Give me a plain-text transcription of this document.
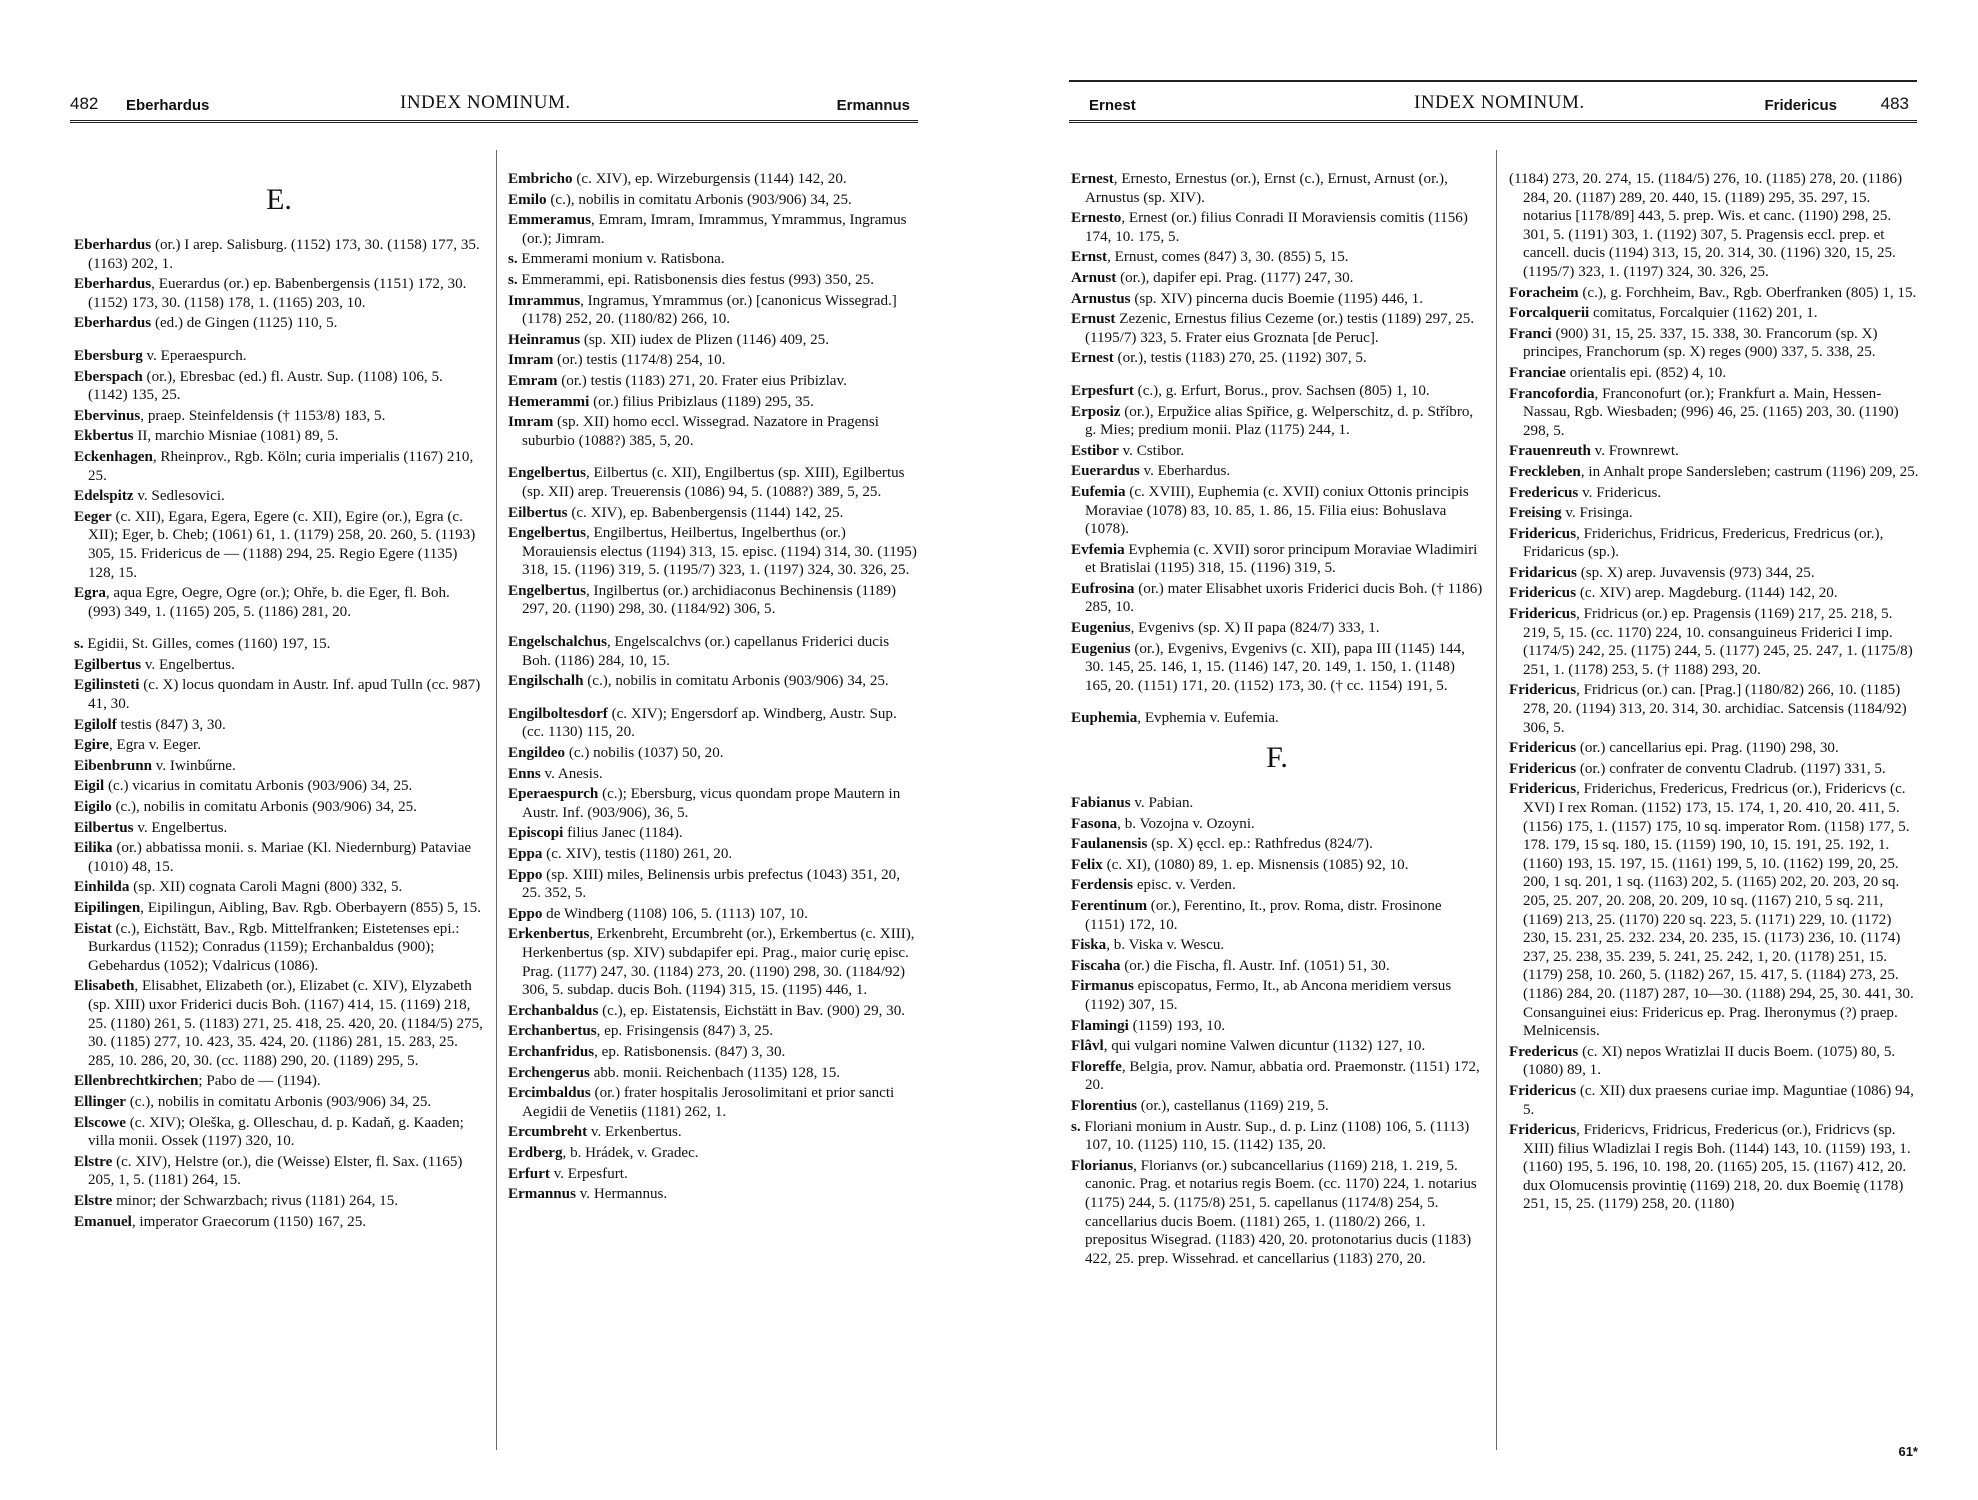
482 Eberhardus	INDEX NOMINUM.	Ermannus
E.

Eberhardus (or.) I arep. Salisburg. (1152) 173, 30. (1158) 177, 35. (1163) 202, 1.

Eberhardus, Euerardus (or.) ep. Babenbergensis (1151) 172, 30. (1152) 173, 30. (1158) 178, 1. (1165) 203, 10.

Eberhardus (ed.) de Gingen (1125) 110, 5.

Ebersburg v. Eperaespurch.

Eberspach (or.), Ebresbac (ed.) fl. Austr. Sup. (1108) 106, 5. (1142) 135, 25.

Ebervinus, praep. Steinfeldensis († 1153/8) 183, 5.

Ekbertus II, marchio Misniae (1081) 89, 5.

Eckenhagen, Rheinprov., Rgb. Köln; curia imperialis (1167) 210, 25.

Edelspitz v. Sedlesovici.

Eeger (c. XII), Egara, Egera, Egere (c. XII), Egire (or.), Egra (c. XII); Eger, b. Cheb; (1061) 61, 1. (1179) 258, 20. 260, 5. (1193) 305, 15. Fridericus de — (1188) 294, 25. Regio Egere (1135) 128, 15.

Egra, aqua Egre, Oegre, Ogre (or.); Ohře, b. die Eger, fl. Boh. (993) 349, 1. (1165) 205, 5. (1186) 281, 20.

s. Egidii, St. Gilles, comes (1160) 197, 15.

Egilbertus v. Engelbertus.

Egilinsteti (c. X) locus quondam in Austr. Inf. apud Tulln (cc. 987) 41, 30.

Egilolf testis (847) 3, 30.

Egire, Egra v. Eeger.

Eibenbrunn v. Iwinbűrne.

Eigil (c.) vicarius in comitatu Arbonis (903/906) 34, 25.

Eigilo (c.), nobilis in comitatu Arbonis (903/906) 34, 25.

Eilbertus v. Engelbertus.

Eilika (or.) abbatissa monii. s. Mariae (Kl. Niedernburg) Pataviae (1010) 48, 15.

Einhilda (sp. XII) cognata Caroli Magni (800) 332, 5.

Eipilingen, Eipilingun, Aibling, Bav. Rgb. Oberbayern (855) 5, 15.

Eistat (c.), Eichstätt, Bav., Rgb. Mittelfranken; Eistetenses epi.: Burkardus (1152); Conradus (1159); Erchanbaldus (900); Gebehardus (1052); Vdalricus (1086).

Elisabeth, Elisabhet, Elizabeth (or.), Elizabet (c. XIV), Elyzabeth (sp. XIII) uxor Friderici ducis Boh. (1167) 414, 15. (1169) 218, 25. (1180) 261, 5. (1183) 271, 25. 418, 25. 420, 20. (1184/5) 275, 30. (1185) 277, 10. 423, 35. 424, 20. (1186) 281, 15. 283, 25. 285, 10. 286, 20, 30. (cc. 1188) 290, 20. (1189) 295, 5.

Ellenbrechtkirchen; Pabo de — (1194).

Ellinger (c.), nobilis in comitatu Arbonis (903/906) 34, 25.

Elscowe (c. XIV); Oleška, g. Olleschau, d. p. Kadaň, g. Kaaden; villa monii. Ossek (1197) 320, 10.

Elstre (c. XIV), Helstre (or.), die (Weisse) Elster, fl. Sax. (1165) 205, 1, 5. (1181) 264, 15.

Elstre minor; der Schwarzbach; rivus (1181) 264, 15.

Emanuel, imperator Graecorum (1150) 167, 25.

Embricho (c. XIV), ep. Wirzeburgensis (1144) 142, 20.

Emilo (c.), nobilis in comitatu Arbonis (903/906) 34, 25.

Emmeramus, Emram, Imram, Imrammus, Ymrammus, Ingramus (or.); Jimram.

s. Emmerami monium v. Ratisbona.

s. Emmerammi, epi. Ratisbonensis dies festus (993) 350, 25.

Imrammus, Ingramus, Ymrammus (or.) [canonicus Wissegrad.] (1178) 252, 20. (1180/82) 266, 10.

Heinramus (sp. XII) iudex de Plizen (1146) 409, 25.

Imram (or.) testis (1174/8) 254, 10.

Emram (or.) testis (1183) 271, 20. Frater eius Pribizlav.

Hemerammi (or.) filius Pribizlaus (1189) 295, 35.

Imram (sp. XII) homo eccl. Wissegrad. Nazatore in Pragensi suburbio (1088?) 385, 5, 20.

Engelbertus, Eilbertus (c. XII), Engilbertus (sp. XIII), Egilbertus (sp. XII) arep. Treuerensis (1086) 94, 5. (1088?) 389, 5, 25.

Eilbertus (c. XIV), ep. Babenbergensis (1144) 142, 25.

Engelbertus, Engilbertus, Heilbertus, Ingelberthus (or.) Morauiensis electus (1194) 313, 15. episc. (1194) 314, 30. (1195) 318, 15. (1196) 319, 5. (1195/7) 323, 1. (1197) 324, 30. 326, 25.

Engelbertus, Ingilbertus (or.) archidiaconus Bechinensis (1189) 297, 20. (1190) 298, 30. (1184/92) 306, 5.

Engelschalchus, Engelscalchvs (or.) capellanus Friderici ducis Boh. (1186) 284, 10, 15.

Engilschalh (c.), nobilis in comitatu Arbonis (903/906) 34, 25.

Engilboltesdorf (c. XIV); Engersdorf ap. Windberg, Austr. Sup. (cc. 1130) 115, 20.

Engildeo (c.) nobilis (1037) 50, 20.

Enns v. Anesis.

Eperaespurch (c.); Ebersburg, vicus quondam prope Mautern in Austr. Inf. (903/906), 36, 5.

Episcopi filius Janec (1184).

Eppa (c. XIV), testis (1180) 261, 20.

Eppo (sp. XIII) miles, Belinensis urbis prefectus (1043) 351, 20, 25. 352, 5.

Eppo de Windberg (1108) 106, 5. (1113) 107, 10.

Erkenbertus, Erkenbreht, Ercumbreht (or.), Erkembertus (c. XIII), Herkenbertus (sp. XIV) subdapifer epi. Prag., maior curię episc. Prag. (1177) 247, 30. (1184) 273, 20. (1190) 298, 30. (1184/92) 306, 5. subdap. ducis Boh. (1194) 315, 15. (1195) 446, 1.

Erchanbaldus (c.), ep. Eistatensis, Eichstätt in Bav. (900) 29, 30.

Erchanbertus, ep. Frisingensis (847) 3, 25.

Erchanfridus, ep. Ratisbonensis. (847) 3, 30.

Erchengerus abb. monii. Reichenbach (1135) 128, 15.

Ercimbaldus (or.) frater hospitalis Jerosolimitani et prior sancti Aegidii de Venetiis (1181) 262, 1.

Ercumbreht v. Erkenbertus.

Erdberg, b. Hrádek, v. Gradec.

Erfurt v. Erpesfurt.

Ermannus v. Hermannus.

Ernest	INDEX NOMINUM.	Fridericus	483

Ernest, Ernesto, Ernestus (or.), Ernst (c.), Ernust, Arnust (or.), Arnustus (sp. XIV).

Ernesto, Ernest (or.) filius Conradi II Moraviensis comitis (1156) 174, 10. 175, 5.

Ernst, Ernust, comes (847) 3, 30. (855) 5, 15.

Arnust (or.), dapifer epi. Prag. (1177) 247, 30.

Arnustus (sp. XIV) pincerna ducis Boemie (1195) 446, 1.

Ernust Zezenic, Ernestus filius Cezeme (or.) testis (1189) 297, 25. (1195/7) 323, 5. Frater eius Groznata [de Peruc].

Ernest (or.), testis (1183) 270, 25. (1192) 307, 5.

Erpesfurt (c.), g. Erfurt, Borus., prov. Sachsen (805) 1, 10.

Erposiz (or.), Erpužice alias Spiřice, g. Welperschitz, d. p. Stříbro, g. Mies; predium monii. Plaz (1175) 244, 1.

Estibor v. Cstibor.

Euerardus v. Eberhardus.

Eufemia (c. XVIII), Euphemia (c. XVII) coniux Ottonis principis Moraviae (1078) 83, 10. 85, 1. 86, 15. Filia eius: Bohuslava (1078).

Evfemia Evphemia (c. XVII) soror principum Moraviae Wladimiri et Bratislai (1195) 318, 15. (1196) 319, 5.

Eufrosina (or.) mater Elisabhet uxoris Friderici ducis Boh. († 1186) 285, 10.

Eugenius, Evgenivs (sp. X) II papa (824/7) 333, 1.

Eugenius (or.), Evgenivs, Evgenivs (c. XII), papa III (1145) 144, 30. 145, 25. 146, 1, 15. (1146) 147, 20. 149, 1. 150, 1. (1148) 165, 20. (1151) 171, 20. (1152) 173, 30. († cc. 1154) 191, 5.

Euphemia, Evphemia v. Eufemia.

F.

Fabianus v. Pabian.

Fasona, b. Vozojna v. Ozoyni.

Faulanensis (sp. X) ęccl. ep.: Rathfredus (824/7).

Felix (c. XI), (1080) 89, 1. ep. Misnensis (1085) 92, 10.

Ferdensis episc. v. Verden.

Ferentinum (or.), Ferentino, It., prov. Roma, distr. Frosinone (1151) 172, 10.

Fiska, b. Viska v. Wescu.

Fiscaha (or.) die Fischa, fl. Austr. Inf. (1051) 51, 30.

Firmanus episcopatus, Fermo, It., ab Ancona meridiem versus (1192) 307, 15.

Flamingi (1159) 193, 10.

Flâvl, qui vulgari nomine Valwen dicuntur (1132) 127, 10.

Floreffe, Belgia, prov. Namur, abbatia ord. Praemonstr. (1151) 172, 20.

Florentius (or.), castellanus (1169) 219, 5.

s. Floriani monium in Austr. Sup., d. p. Linz (1108) 106, 5. (1113) 107, 10. (1125) 110, 15. (1142) 135, 20.

Florianus, Florianvs (or.) subcancellarius (1169) 218, 1. 219, 5. canonic. Prag. et notarius regis Boem. (cc. 1170) 224, 1. notarius (1175) 244, 5. (1175/8) 251, 5. capellanus (1174/8) 254, 5. cancellarius ducis Boem. (1181) 265, 1. (1180/2) 266, 1. prepositus Wisegrad. (1183) 420, 20. protonotarius ducis (1183) 422, 25. prep. Wissehrad. et cancellarius (1183) 270, 20.

(1184) 273, 20. 274, 15. (1184/5) 276, 10. (1185) 278, 20. (1186) 284, 20. (1187) 289, 20. 440, 15. (1189) 295, 35. 297, 15. notarius [1178/89] 443, 5. prep. Wis. et canc. (1190) 298, 25. 301, 5. (1191) 303, 1. (1192) 307, 5. Pragensis eccl. prep. et cancell. ducis (1194) 313, 15, 20. 314, 30. (1196) 320, 15, 25. (1195/7) 323, 1. (1197) 324, 30. 326, 25.

Foracheim (c.), g. Forchheim, Bav., Rgb. Oberfranken (805) 1, 15.

Forcalquerii comitatus, Forcalquier (1162) 201, 1.

Franci (900) 31, 15, 25. 337, 15. 338, 30. Francorum (sp. X) principes, Franchorum (sp. X) reges (900) 337, 5. 338, 25.

Franciae orientalis epi. (852) 4, 10.

Francofordia, Franconofurt (or.); Frankfurt a. Main, Hessen-Nassau, Rgb. Wiesbaden; (996) 46, 25. (1165) 203, 30. (1190) 298, 5.

Frauenreuth v. Frownrewt.

Freckleben, in Anhalt prope Sandersleben; castrum (1196) 209, 25.

Fredericus v. Fridericus.

Freising v. Frisinga.

Fridericus, Friderichus, Fridricus, Fredericus, Fredricus (or.), Fridaricus (sp.).

Fridaricus (sp. X) arep. Juvavensis (973) 344, 25.

Fridericus (c. XIV) arep. Magdeburg. (1144) 142, 20.

Fridericus, Fridricus (or.) ep. Pragensis (1169) 217, 25. 218, 5. 219, 5, 15. (cc. 1170) 224, 10. consanguineus Friderici I imp. (1174/5) 242, 25. (1175) 244, 5. (1177) 245, 25. 247, 1. (1175/8) 251, 1. (1178) 253, 5. († 1188) 293, 20.

Fridericus, Fridricus (or.) can. [Prag.] (1180/82) 266, 10. (1185) 278, 20. (1194) 313, 20. 314, 30. archidiac. Satcensis (1184/92) 306, 5.

Fridericus (or.) cancellarius epi. Prag. (1190) 298, 30.

Fridericus (or.) confrater de conventu Cladrub. (1197) 331, 5.

Fridericus, Friderichus, Fredericus, Fredricus (or.), Fridericvs (c. XVI) I rex Roman. (1152) 173, 15. 174, 1, 20. 410, 20. 411, 5. (1156) 175, 1. (1157) 175, 10 sq. imperator Rom. (1158) 177, 5. 178. 179, 15 sq. 180, 15. (1159) 190, 10, 15. 191, 25. 192, 1. (1160) 193, 15. 197, 15. (1161) 199, 5, 10. (1162) 199, 20, 25. 200, 1 sq. 201, 1 sq. (1163) 202, 5. (1165) 202, 20. 203, 20 sq. 205, 25. 207, 20. 208, 20. 209, 10 sq. (1167) 210, 5 sq. 211, (1169) 213, 25. (1170) 220 sq. 223, 5. (1171) 229, 10. (1172) 230, 15. 231, 25. 232. 234, 20. 235, 15. (1173) 236, 10. (1174) 237, 25. 238, 35. 239, 5. 241, 25. 242, 1, 20. (1178) 251, 15. (1179) 258, 10. 260, 5. (1182) 267, 15. 417, 5. (1184) 273, 25. (1186) 284, 20. (1187) 287, 10—30. (1188) 294, 25, 30. 441, 30. Consanguinei eius: Fridericus ep. Prag. Iheronymus (?) praep. Melnicensis.

Fredericus (c. XI) nepos Wratizlai II ducis Boem. (1075) 80, 5. (1080) 89, 1.

Fridericus (c. XII) dux praesens curiae imp. Maguntiae (1086) 94, 5.

Fridericus, Fridericvs, Fridricus, Fredericus (or.), Fridricvs (sp. XIII) filius Wladizlai I regis Boh. (1144) 143, 10. (1159) 193, 1. (1160) 195, 5. 196, 10. 198, 20. (1165) 205, 15. (1167) 412, 20. dux Olomucensis provintię (1169) 218, 20. dux Boemię (1178) 251, 15, 25. (1179) 258, 20. (1180)

61*
